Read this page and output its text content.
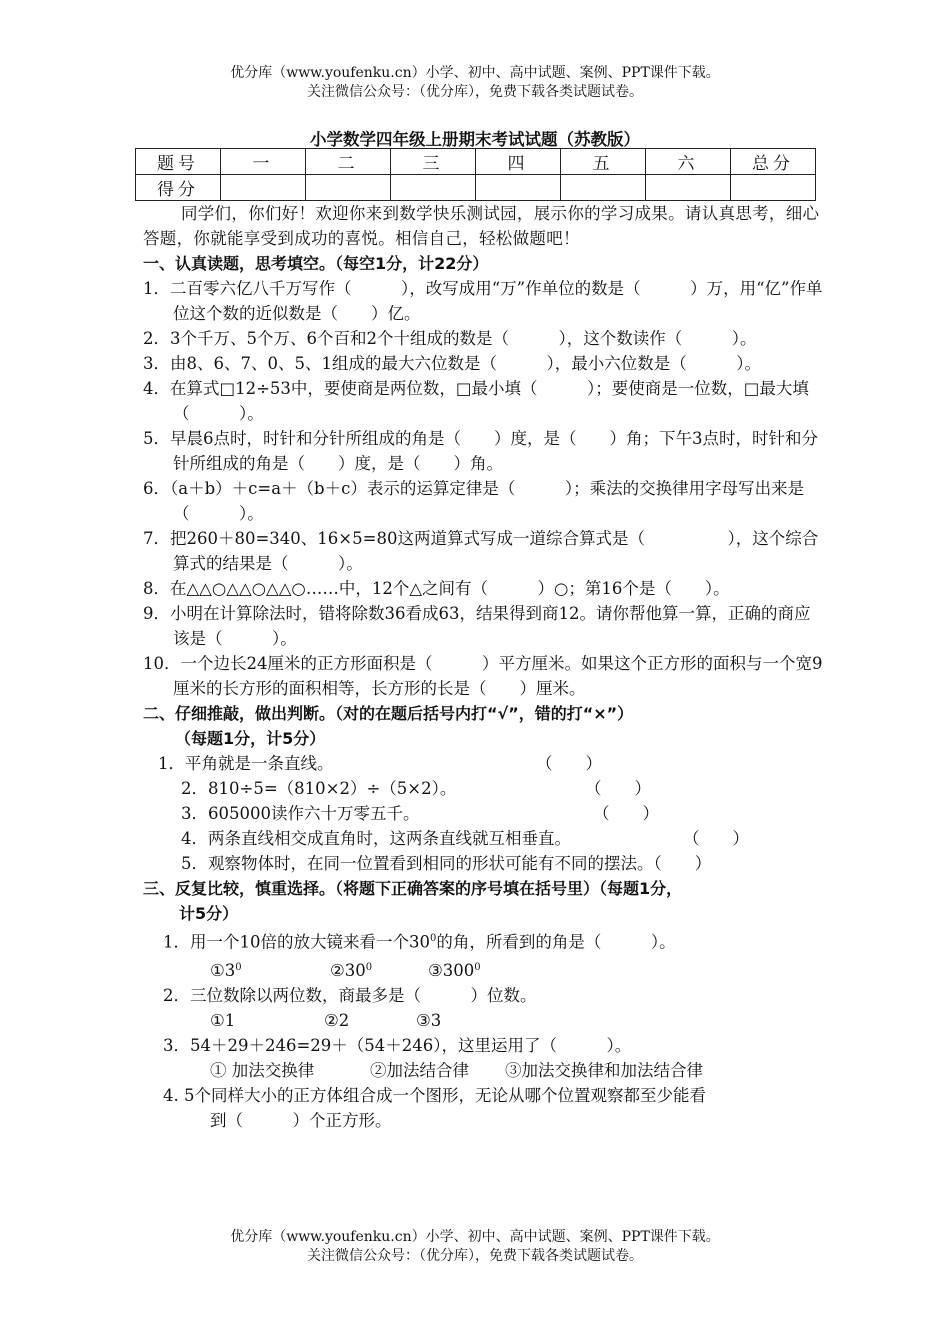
优分库（www.youfenku.cn）小学、初中、高中试题、案例、PPT课件下载。
关注微信公众号：（优分库），免费下载各类试题试卷。
小学数学四年级上册期末考试试题（苏教版）
题号	一	二	三	四	五	六	总分
得分							

同学们，你们好！欢迎你来到数学快乐测试园，展示你的学习成果。请认真思考，细心答题，你就能享受到成功的喜悦。相信自己，轻松做题吧！

一、认真读题，思考填空。（每空1分，计22分）

1．二百零六亿八千万写作（　　　），改写成用“万”作单位的数是（　　　）万，用“亿”作单位这个数的近似数是（　　）亿。

2．3个千万、5个万、6个百和2个十组成的数是（　　　），这个数读作（　　　）。

3．由8、6、7、0、5、1组成的最大六位数是（　　　），最小六位数是（　　　）。

4．在算式□12÷53中，要使商是两位数，□最小填（　　　）；要使商是一位数，□最大填（　　　）。

5．早晨6点时，时针和分针所组成的角是（　　）度，是（　　）角；下午3点时，时针和分针所组成的角是（　　）度，是（　　）角。

6．（a＋b）＋c=a＋（b＋c）表示的运算定律是（　　　）；乘法的交换律用字母写出来是（　　　）。

7．把260＋80=340、16×5=80这两道算式写成一道综合算式是（　　　　　），这个综合算式的结果是（　　　）。

8．在△△○△△○△△○……中，12个△之间有（　　　）○；第16个是（　　）。

9．小明在计算除法时，错将除数36看成63，结果得到商12。请你帮他算一算，正确的商应该是（　　　）。

10．一个边长24厘米的正方形面积是（　　　）平方厘米。如果这个正方形的面积与一个宽9厘米的长方形的面积相等，长方形的长是（　　）厘米。

二、仔细推敲，做出判断。（对的在题后括号内打“√”，错的打“×”）

（每题1分，计5分）

1．平角就是一条直线。	（　　）

2．810÷5=（810×2）÷（5×2）。	（　　）

3．605000读作六十万零五千。	（　　）

4．两条直线相交成直角时，这两条直线就互相垂直。	（　　）

5．观察物体时，在同一位置看到相同的形状可能有不同的摆法。（　　）

三、反复比较，慎重选择。（将题下正确答案的序号填在括号里）（每题1分，

计5分）

1．用一个10倍的放大镜来看一个$30^0$的角，所看到的角是（　　　）。

$①3^0$	$②30^0$	$③300^0$

2．三位数除以两位数，商最多是（　　　）位数。

①1	②2	③3

3．54＋29＋246=29＋（54＋246），这里运用了（　　　）。

① 加法交换律	②加法结合律 ③加法交换律和加法结合律

4. 5个同样大小的正方体组合成一个图形，无论从哪个位置观察都至少能看

到（　　　）个正方形。

优分库（www.youfenku.cn）小学、初中、高中试题、案例、PPT课件下载。
关注微信公众号：（优分库），免费下载各类试题试卷。
